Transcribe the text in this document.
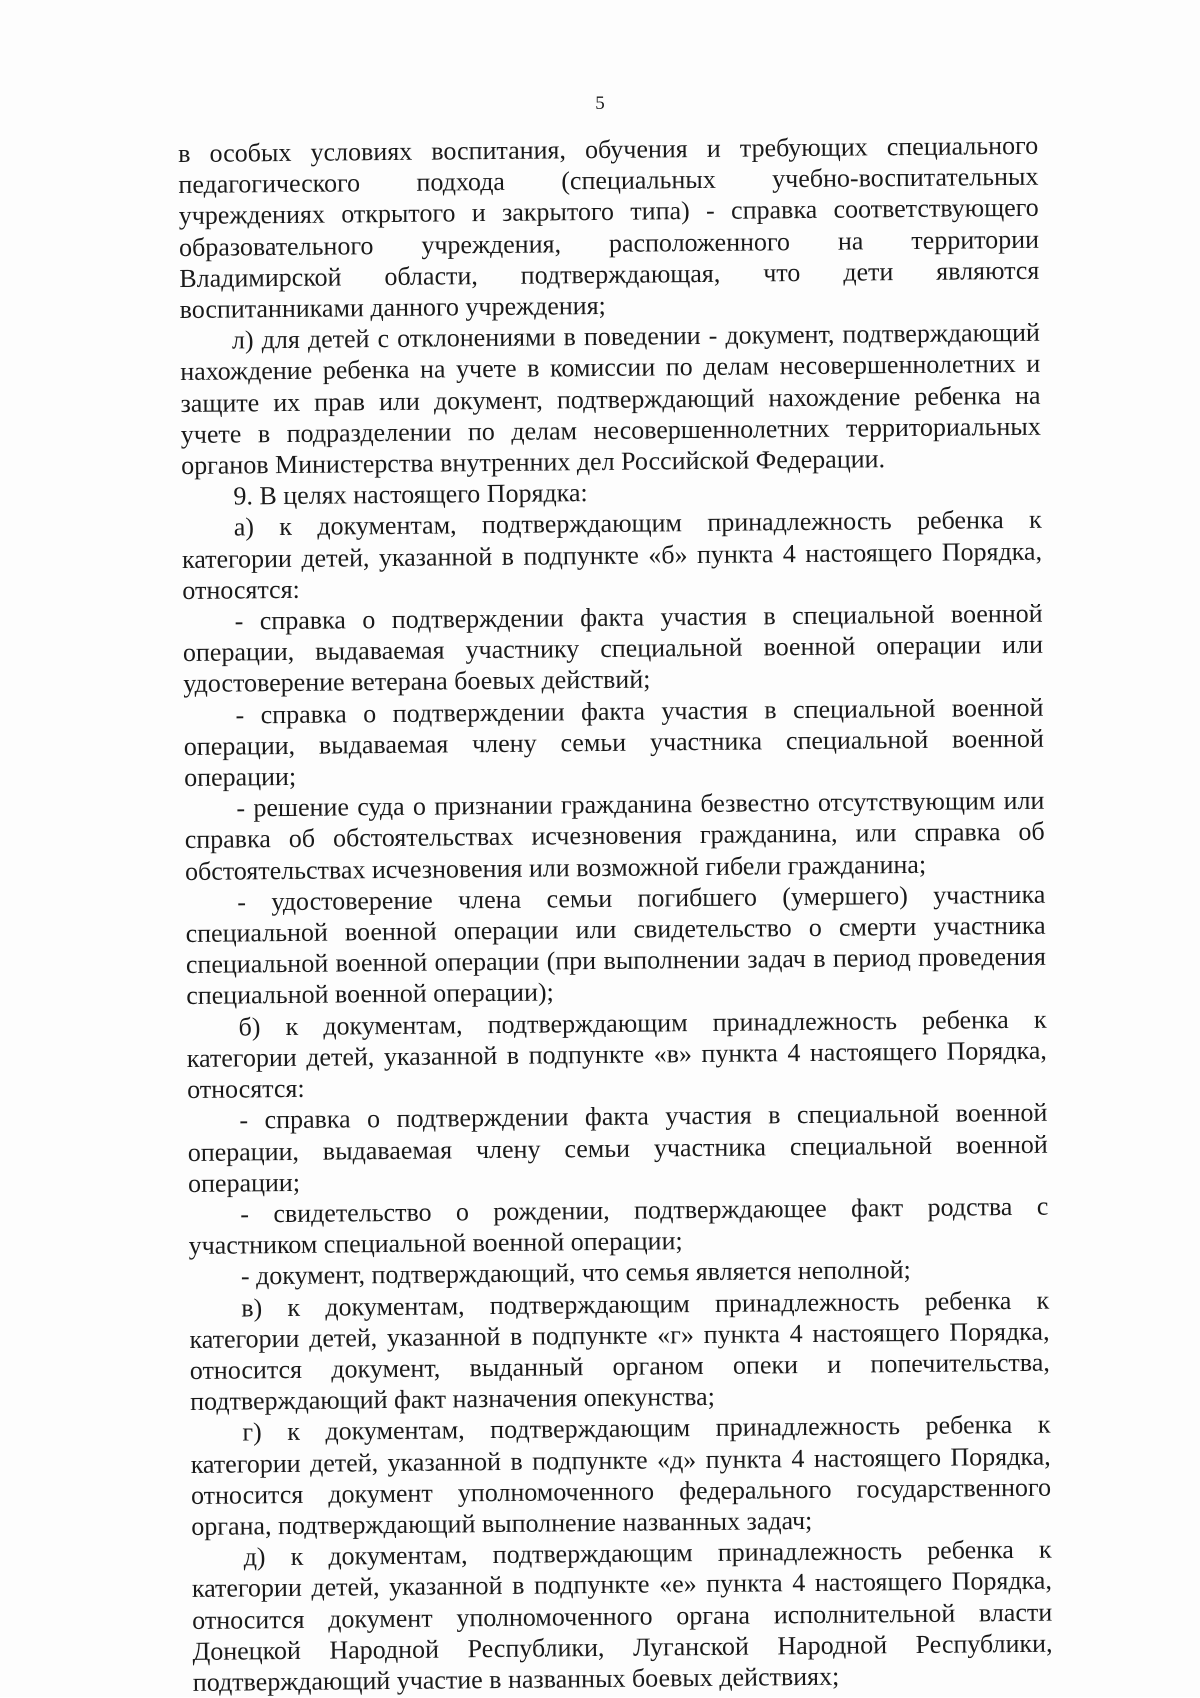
5

в особых условиях воспитания, обучения и требующих специального педагогического подхода (специальных учебно-воспитательных учреждениях открытого и закрытого типа) - справка соответствующего образовательного учреждения, расположенного на территории Владимирской области, подтверждающая, что дети являются воспитанниками данного учреждения;

л) для детей с отклонениями в поведении - документ, подтверждающий нахождение ребенка на учете в комиссии по делам несовершеннолетних и защите их прав или документ, подтверждающий нахождение ребенка на учете в подразделении по делам несовершеннолетних территориальных органов Министерства внутренних дел Российской Федерации.

9. В целях настоящего Порядка:

а) к документам, подтверждающим принадлежность ребенка к категории детей, указанной в подпункте «б» пункта 4 настоящего Порядка, относятся:

- справка о подтверждении факта участия в специальной военной операции, выдаваемая участнику специальной военной операции или удостоверение ветерана боевых действий;

- справка о подтверждении факта участия в специальной военной операции, выдаваемая члену семьи участника специальной военной операции;

- решение суда о признании гражданина безвестно отсутствующим или справка об обстоятельствах исчезновения гражданина, или справка об обстоятельствах исчезновения или возможной гибели гражданина;

- удостоверение члена семьи погибшего (умершего) участника специальной военной операции или свидетельство о смерти участника специальной военной операции (при выполнении задач в период проведения специальной военной операции);

б) к документам, подтверждающим принадлежность ребенка к категории детей, указанной в подпункте «в» пункта 4 настоящего Порядка, относятся:

- справка о подтверждении факта участия в специальной военной операции, выдаваемая члену семьи участника специальной военной операции;

- свидетельство о рождении, подтверждающее факт родства с участником специальной военной операции;

- документ, подтверждающий, что семья является неполной;

в) к документам, подтверждающим принадлежность ребенка к категории детей, указанной в подпункте «г» пункта 4 настоящего Порядка, относится документ, выданный органом опеки и попечительства, подтверждающий факт назначения опекунства;

г) к документам, подтверждающим принадлежность ребенка к категории детей, указанной в подпункте «д» пункта 4 настоящего Порядка, относится документ уполномоченного федерального государственного органа, подтверждающий выполнение названных задач;

д) к документам, подтверждающим принадлежность ребенка к категории детей, указанной в подпункте «е» пункта 4 настоящего Порядка, относится документ уполномоченного органа исполнительной власти Донецкой Народной Республики, Луганской Народной Республики, подтверждающий участие в названных боевых действиях;
